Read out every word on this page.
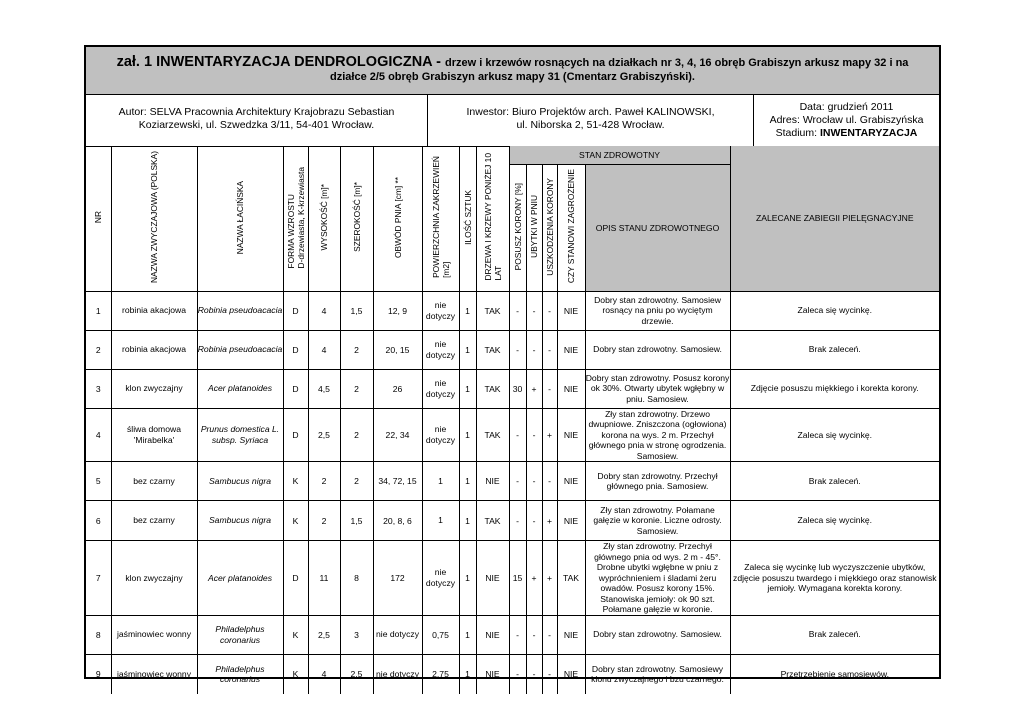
zał. 1 INWENTARYZACJA DENDROLOGICZNA - drzew i krzewów rosnących na działkach nr 3, 4, 16 obręb Grabiszyn arkusz mapy 32 i na działce 2/5 obręb Grabiszyn arkusz mapy 31 (Cmentarz Grabiszyński).
Autor: SELVA Pracownia Architektury Krajobrazu Sebastian
Koziarzewski, ul. Szwedzka 3/11, 54-401 Wrocław.
Inwestor: Biuro Projektów arch. Paweł KALINOWSKI,
ul. Niborska 2, 51-428 Wrocław.
Data: grudzień 2011
Adres: Wrocław ul. Grabiszyńska
Stadium: INWENTARYZACJA
NR	NAZWA ZWYCZAJOWA (POLSKA)	NAZWA ŁACIŃSKA	FORMA WZROSTU
D-drzewiasta, K-krzewiasta	WYSOKOŚĆ [m]*	SZEROKOŚĆ [m]*	OBWÓD PNIA [cm] **	POWIERZCHNIA ZAKRZEWIEŃ
[m2]	ILOŚĆ SZTUK	DRZEWA I KRZEWY PONIŻEJ 10
LAT	STAN ZDROWOTNY					ZALECANE ZABIEGII PIELĘGNACYJNE
										POSUSZ KORONY [%]	UBYTKI W PNIU	USZKODZENIA KORONY	CZY STANOWI ZAGROŻENIE	OPIS STANU ZDROWOTNEGO	
1	robinia akacjowa	Robinia pseudoacacia	D	4	1,5	12, 9	nie dotyczy	1	TAK	-	-	-	NIE	Dobry stan zdrowotny. Samosiew rosnący na pniu po wyciętym drzewie.	Zaleca się wycinkę.
2	robinia akacjowa	Robinia pseudoacacia	D	4	2	20, 15	nie dotyczy	1	TAK	-	-	-	NIE	Dobry stan zdrowotny. Samosiew.	Brak zaleceń.
3	klon zwyczajny	Acer platanoides	D	4,5	2	26	nie dotyczy	1	TAK	30	+	-	NIE	Dobry stan zdrowotny. Posusz korony ok 30%. Otwarty ubytek wgłębny w pniu. Samosiew.	Zdjęcie posuszu miękkiego i korekta korony.
4	śliwa domowa 'Mirabelka'	Prunus domestica L. subsp. Syriaca	D	2,5	2	22, 34	nie dotyczy	1	TAK	-	-	+	NIE	Zły stan zdrowotny. Drzewo dwupniowe. Zniszczona (ogłowiona) korona na wys. 2 m. Przechył głównego pnia w stronę ogrodzenia. Samosiew.	Zaleca się wycinkę.
5	bez czarny	Sambucus nigra	K	2	2	34, 72, 15	1	1	NIE	-	-	-	NIE	Dobry stan zdrowotny. Przechył głównego pnia. Samosiew.	Brak zaleceń.
6	bez czarny	Sambucus nigra	K	2	1,5	20, 8, 6	1	1	TAK	-	-	+	NIE	Zły stan zdrowotny. Połamane gałęzie w koronie. Liczne odrosty. Samosiew.	Zaleca się wycinkę.
7	klon zwyczajny	Acer platanoides	D	11	8	172	nie dotyczy	1	NIE	15	+	+	TAK	Zły stan zdrowotny. Przechył głównego pnia od wys. 2 m - 45°. Drobne ubytki wgłębne w pniu z wypróchnieniem i śladami żeru owadów. Posusz korony 15%. Stanowiska jemioły: ok 90 szt. Połamane gałęzie w koronie.	Zaleca się wycinkę lub wyczyszczenie ubytków, zdjęcie posuszu twardego i miękkiego oraz stanowisk jemioły. Wymagana korekta korony.
8	jaśminowiec wonny	Philadelphus coronarius	K	2,5	3	nie dotyczy	0,75	1	NIE	-	-	-	NIE	Dobry stan zdrowotny. Samosiew.	Brak zaleceń.
9	jaśminowiec wonny	Philadelphus coronarius	K	4	2,5	nie dotyczy	2,75	1	NIE	-	-	-	NIE	Dobry stan zdrowotny. Samosiewy klonu zwyczajnego i bzu czarnego.	Przetrzebienie samosiewów.
